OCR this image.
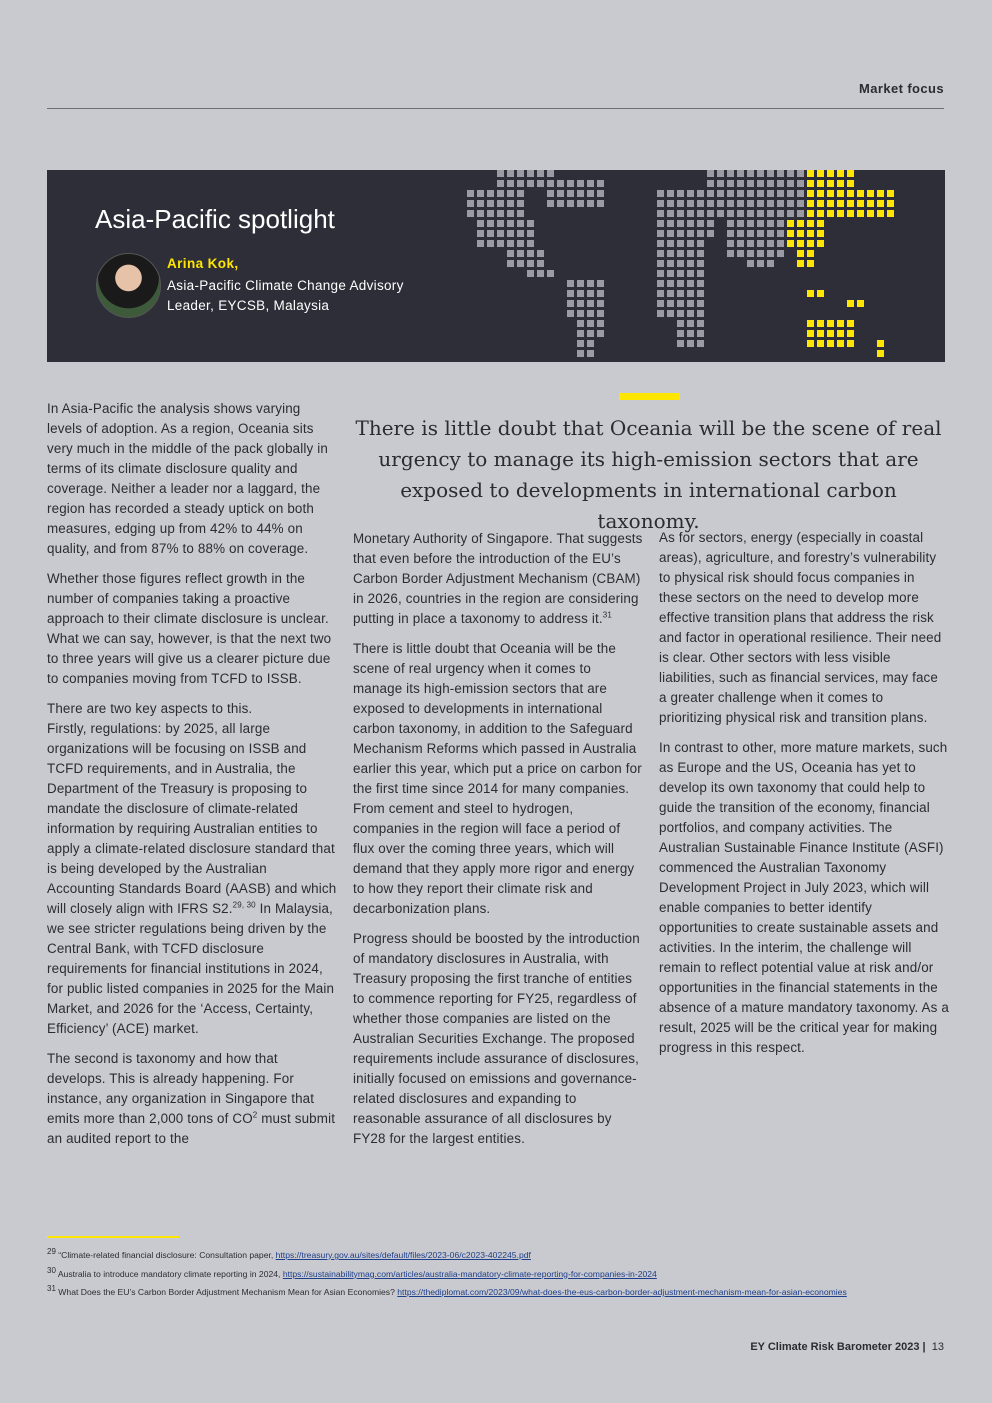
Market focus
Asia-Pacific spotlight
Arina Kok,
Asia-Pacific Climate Change Advisory Leader, EYCSB, Malaysia

In Asia-Pacific the analysis shows varying levels of adoption. As a region, Oceania sits very much in the middle of the pack globally in terms of its climate disclosure quality and coverage. Neither a leader nor a laggard, the region has recorded a steady uptick on both measures, edging up from 42% to 44% on quality, and from 87% to 88% on coverage.

Whether those figures reflect growth in the number of companies taking a proactive approach to their climate disclosure is unclear. What we can say, however, is that the next two to three years will give us a clearer picture due to companies moving from TCFD to ISSB.

There are two key aspects to this.
Firstly, regulations: by 2025, all large organizations will be focusing on ISSB and TCFD requirements, and in Australia, the Department of the Treasury is proposing to mandate the disclosure of climate-related information by requiring Australian entities to apply a climate-related disclosure standard that is being developed by the Australian Accounting Standards Board (AASB) and which will closely align with IFRS S2.$^{29, 30}$ In Malaysia, we see stricter regulations being driven by the Central Bank, with TCFD disclosure requirements for financial institutions in 2024, for public listed companies in 2025 for the Main Market, and 2026 for the ‘Access, Certainty, Efficiency’ (ACE) market.

The second is taxonomy and how that develops. This is already happening. For instance, any organization in Singapore that emits more than 2,000 tons of $CO^2$ must submit an audited report to the

There is little doubt that Oceania will be the scene of real urgency to manage its high-emission sectors that are exposed to developments in international carbon taxonomy.

Monetary Authority of Singapore. That suggests that even before the introduction of the EU’s Carbon Border Adjustment Mechanism (CBAM) in 2026, countries in the region are considering putting in place a taxonomy to address it.$^{31}$

There is little doubt that Oceania will be the scene of real urgency when it comes to manage its high-emission sectors that are exposed to developments in international carbon taxonomy, in addition to the Safeguard Mechanism Reforms which passed in Australia earlier this year, which put a price on carbon for the first time since 2014 for many companies. From cement and steel to hydrogen, companies in the region will face a period of flux over the coming three years, which will demand that they apply more rigor and energy to how they report their climate risk and decarbonization plans.

Progress should be boosted by the introduction of mandatory disclosures in Australia, with Treasury proposing the first tranche of entities to commence reporting for FY25, regardless of whether those companies are listed on the Australian Securities Exchange. The proposed requirements include assurance of disclosures, initially focused on emissions and governance-related disclosures and expanding to reasonable assurance of all disclosures by FY28 for the largest entities.

As for sectors, energy (especially in coastal areas), agriculture, and forestry’s vulnerability to physical risk should focus companies in these sectors on the need to develop more effective transition plans that address the risk and factor in operational resilience. Their need is clear. Other sectors with less visible liabilities, such as financial services, may face a greater challenge when it comes to prioritizing physical risk and transition plans.

In contrast to other, more mature markets, such as Europe and the US, Oceania has yet to develop its own taxonomy that could help to guide the transition of the economy, financial portfolios, and company activities. The Australian Sustainable Finance Institute (ASFI) commenced the Australian Taxonomy Development Project in July 2023, which will enable companies to better identify opportunities to create sustainable assets and activities. In the interim, the challenge will remain to reflect potential value at risk and/or opportunities in the financial statements in the absence of a mature mandatory taxonomy. As a result, 2025 will be the critical year for making progress in this respect.

$^{29}$ “Climate-related financial disclosure: Consultation paper, https://treasury.gov.au/sites/default/files/2023-06/c2023-402245.pdf
$^{30}$ Australia to introduce mandatory climate reporting in 2024, https://sustainabilitymag.com/articles/australia-mandatory-climate-reporting-for-companies-in-2024
$^{31}$ What Does the EU’s Carbon Border Adjustment Mechanism Mean for Asian Economies? https://thediplomat.com/2023/09/what-does-the-eus-carbon-border-adjustment-mechanism-mean-for-asian-economies
EY Climate Risk Barometer 2023 | 13
